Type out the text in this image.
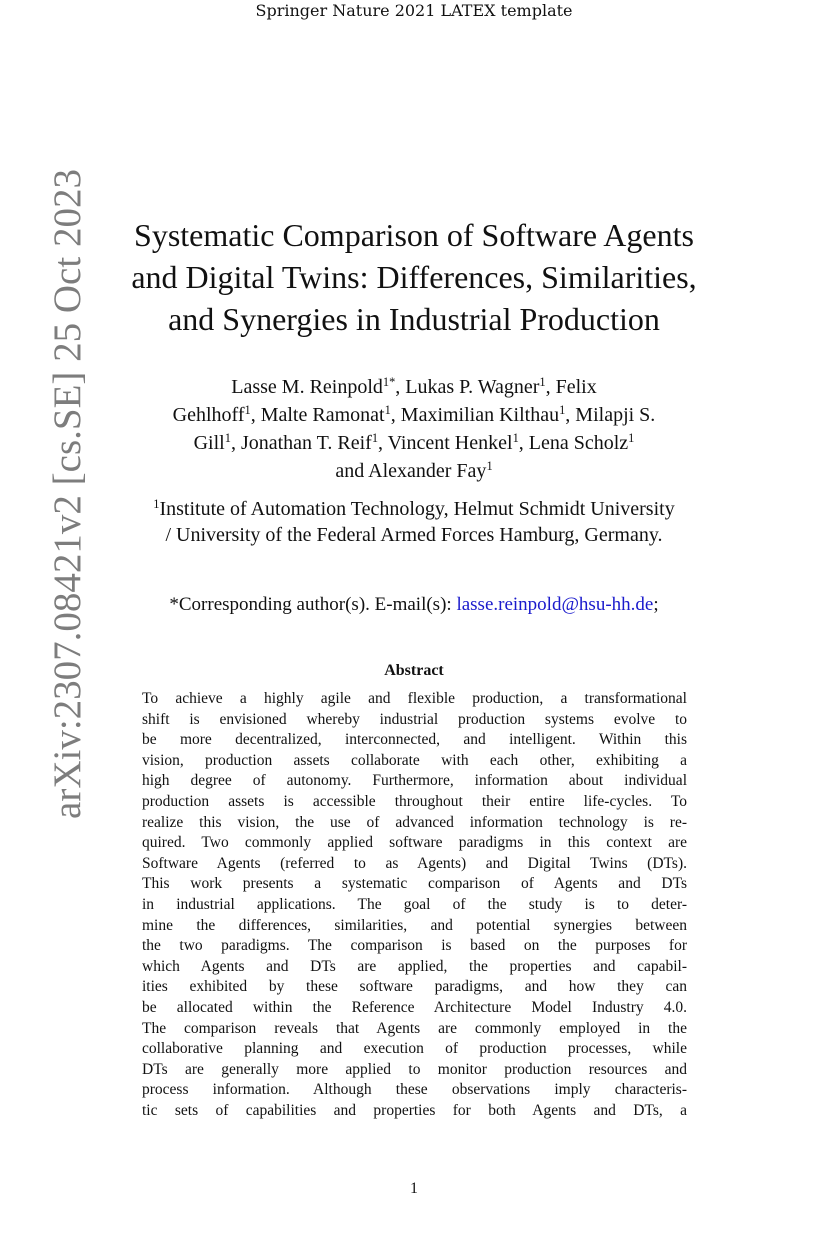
Springer Nature 2021 LATEX template
arXiv:2307.08421v2 [cs.SE] 25 Oct 2023	Systematic Comparison of Software Agents
and Digital Twins: Differences, Similarities,
and Synergies in Industrial Production
Lasse M. Reinpold$^{1*}$, Lukas P. Wagner$^1$, Felix
Gehlhoff$^1$, Malte Ramonat$^1$, Maximilian Kilthau$^1$, Milapji S.
Gill$^1$, Jonathan T. Reif$^1$, Vincent Henkel$^1$, Lena Scholz$^1$
and Alexander Fay$^1$
$^1$Institute of Automation Technology, Helmut Schmidt University
/ University of the Federal Armed Forces Hamburg, Germany.
*Corresponding author(s). E-mail(s): lasse.reinpold@hsu-hh.de;
Abstract
To achieve a highly agile and flexible production, a transformational
shift is envisioned whereby industrial production systems evolve to
be more decentralized, interconnected, and intelligent. Within this
vision, production assets collaborate with each other, exhibiting a
high degree of autonomy. Furthermore, information about individual
production assets is accessible throughout their entire life-cycles. To
realize this vision, the use of advanced information technology is re-
quired. Two commonly applied software paradigms in this context are
Software Agents (referred to as Agents) and Digital Twins (DTs).
This work presents a systematic comparison of Agents and DTs
in industrial applications. The goal of the study is to deter-
mine the differences, similarities, and potential synergies between
the two paradigms. The comparison is based on the purposes for
which Agents and DTs are applied, the properties and capabil-
ities exhibited by these software paradigms, and how they can
be allocated within the Reference Architecture Model Industry 4.0.
The comparison reveals that Agents are commonly employed in the
collaborative planning and execution of production processes, while
DTs are generally more applied to monitor production resources and
process information. Although these observations imply characteris-
tic sets of capabilities and properties for both Agents and DTs, a
1
